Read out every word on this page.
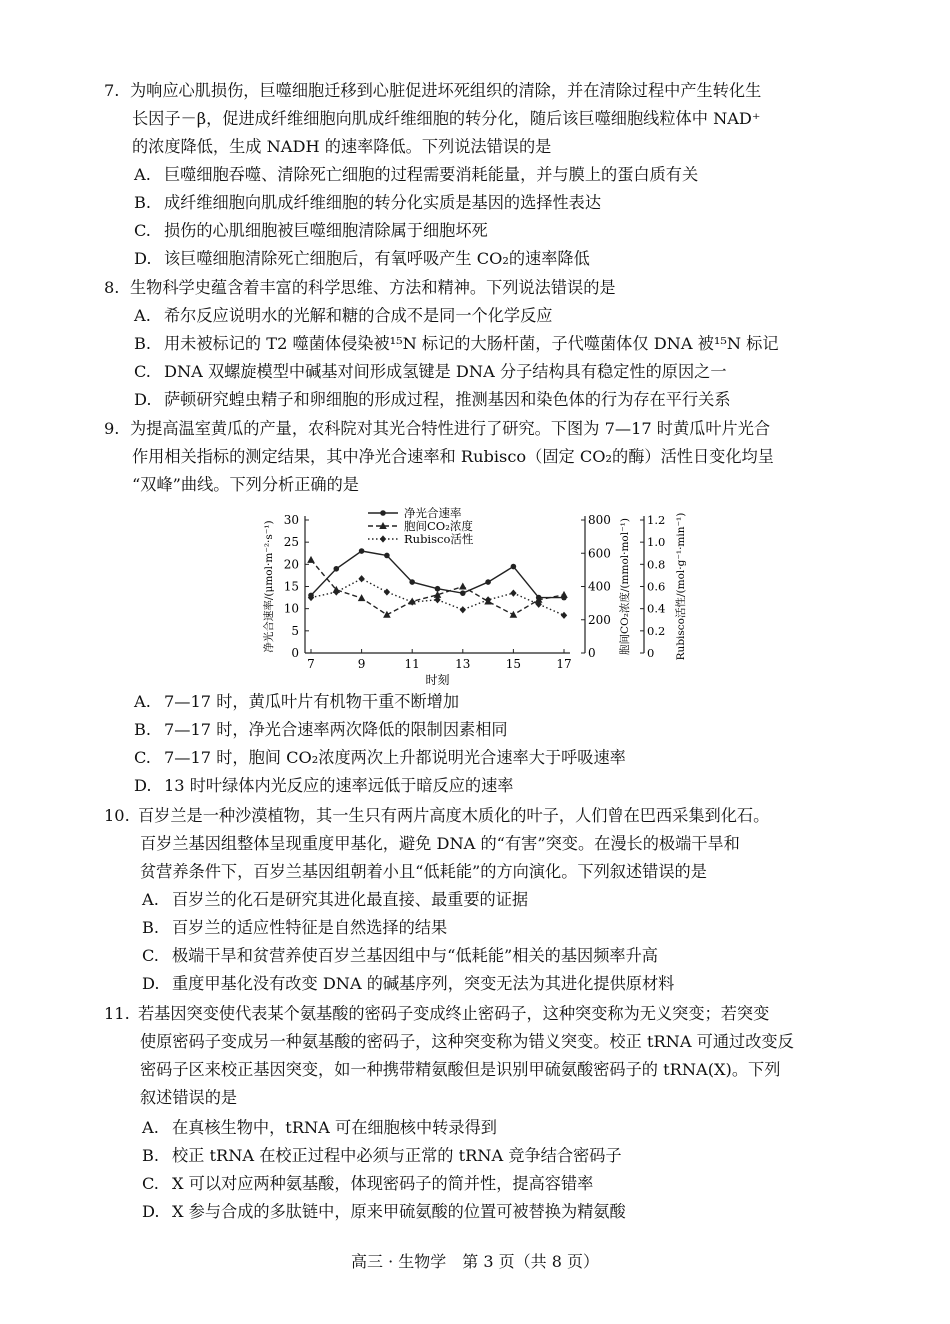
7. 为响应心肌损伤，巨噬细胞迁移到心脏促进坏死组织的清除，并在清除过程中产生转化生
长因子－β，促进成纤维细胞向肌成纤维细胞的转分化，随后该巨噬细胞线粒体中 NAD⁺
的浓度降低，生成 NADH 的速率降低。下列说法错误的是
A. 巨噬细胞吞噬、清除死亡细胞的过程需要消耗能量，并与膜上的蛋白质有关
B. 成纤维细胞向肌成纤维细胞的转分化实质是基因的选择性表达
C. 损伤的心肌细胞被巨噬细胞清除属于细胞坏死
D. 该巨噬细胞清除死亡细胞后，有氧呼吸产生 CO₂的速率降低
8. 生物科学史蕴含着丰富的科学思维、方法和精神。下列说法错误的是
A. 希尔反应说明水的光解和糖的合成不是同一个化学反应
B. 用未被标记的 T2 噬菌体侵染被¹⁵N 标记的大肠杆菌，子代噬菌体仅 DNA 被¹⁵N 标记
C. DNA 双螺旋模型中碱基对间形成氢键是 DNA 分子结构具有稳定性的原因之一
D. 萨顿研究蝗虫精子和卵细胞的形成过程，推测基因和染色体的行为存在平行关系
9. 为提高温室黄瓜的产量，农科院对其光合特性进行了研究。下图为 7—17 时黄瓜叶片光合
作用相关指标的测定结果，其中净光合速率和 Rubisco（固定 CO₂的酶）活性日变化均呈
“双峰”曲线。下列分析正确的是
7	9	11	13	15	17
时刻
0
5
10
15
20
25
30
净光合速率/(μmol·m⁻²·s⁻¹)
0
200
400
600
800 胞间CO₂浓度/(mmol·mol⁻¹) 0
0.2
0.4
0.6
0.8
1.0
1.2 Rubisco活性/(mol·g⁻¹·min⁻¹)
净光合速率
胞间CO₂浓度
Rubisco活性
A. 7—17 时，黄瓜叶片有机物干重不断增加
B. 7—17 时，净光合速率两次降低的限制因素相同
C. 7—17 时，胞间 CO₂浓度两次上升都说明光合速率大于呼吸速率
D. 13 时叶绿体内光反应的速率远低于暗反应的速率
10. 百岁兰是一种沙漠植物，其一生只有两片高度木质化的叶子，人们曾在巴西采集到化石。
百岁兰基因组整体呈现重度甲基化，避免 DNA 的“有害”突变。在漫长的极端干旱和
贫营养条件下，百岁兰基因组朝着小且“低耗能”的方向演化。下列叙述错误的是
A. 百岁兰的化石是研究其进化最直接、最重要的证据
B. 百岁兰的适应性特征是自然选择的结果
C. 极端干旱和贫营养使百岁兰基因组中与“低耗能”相关的基因频率升高
D. 重度甲基化没有改变 DNA 的碱基序列，突变无法为其进化提供原材料
11. 若基因突变使代表某个氨基酸的密码子变成终止密码子，这种突变称为无义突变；若突变
使原密码子变成另一种氨基酸的密码子，这种突变称为错义突变。校正 tRNA 可通过改变反
密码子区来校正基因突变，如一种携带精氨酸但是识别甲硫氨酸密码子的 tRNA(X)。下列
叙述错误的是
A. 在真核生物中，tRNA 可在细胞核中转录得到
B. 校正 tRNA 在校正过程中必须与正常的 tRNA 竞争结合密码子
C. X 可以对应两种氨基酸，体现密码子的简并性，提高容错率
D. X 参与合成的多肽链中，原来甲硫氨酸的位置可被替换为精氨酸
高三 · 生物学　第 3 页（共 8 页）
